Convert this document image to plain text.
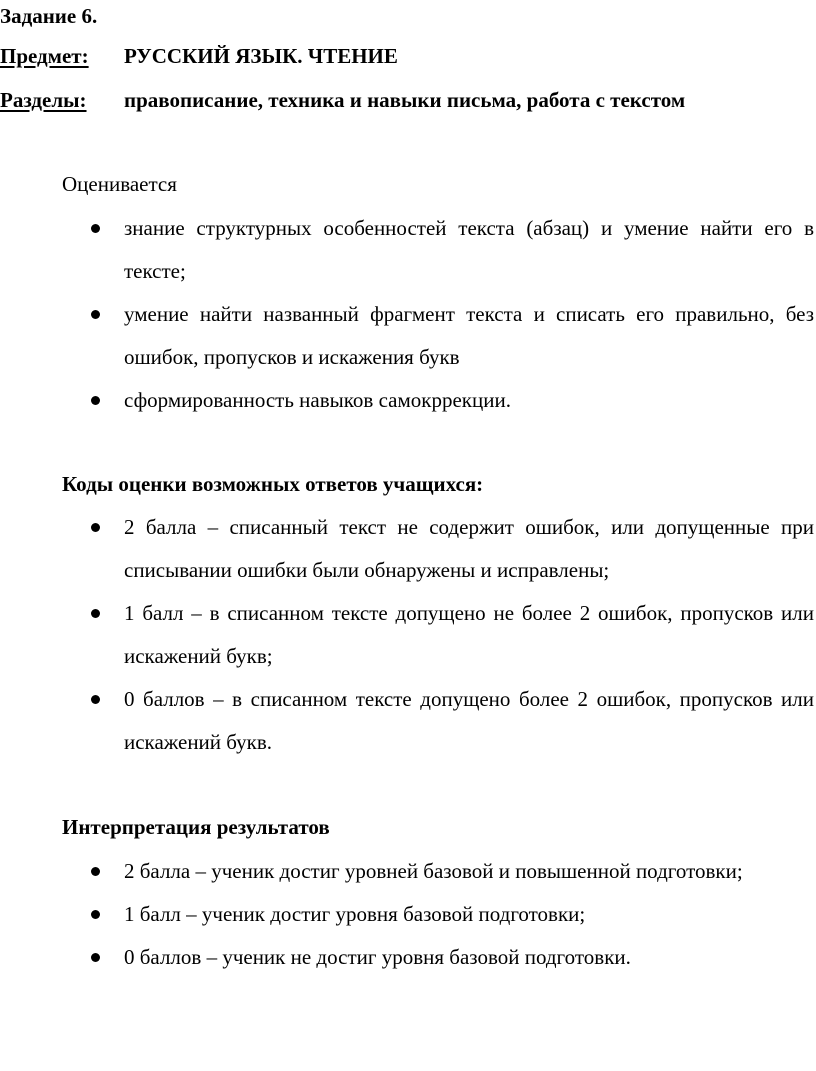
Задание 6.
Предмет: РУССКИЙ ЯЗЫК. ЧТЕНИЕ
Разделы: правописание, техника и навыки письма, работа с текстом
Оценивается
знание структурных особенностей текста (абзац) и умение найти его в тексте;
умение найти названный фрагмент текста и списать его правильно, без ошибок, пропусков и искажения букв
сформированность навыков самокррекции.
Коды оценки возможных ответов учащихся:
2 балла – списанный текст не содержит ошибок, или допущенные при списывании ошибки были обнаружены и исправлены;
1 балл – в списанном тексте допущено не более 2 ошибок, пропусков или искажений букв;
0 баллов – в списанном тексте допущено более 2 ошибок, пропусков или искажений букв.
Интерпретация результатов
2 балла – ученик достиг уровней базовой и повышенной подготовки;
1 балл – ученик достиг уровня базовой подготовки;
0 баллов – ученик не достиг уровня базовой подготовки.
